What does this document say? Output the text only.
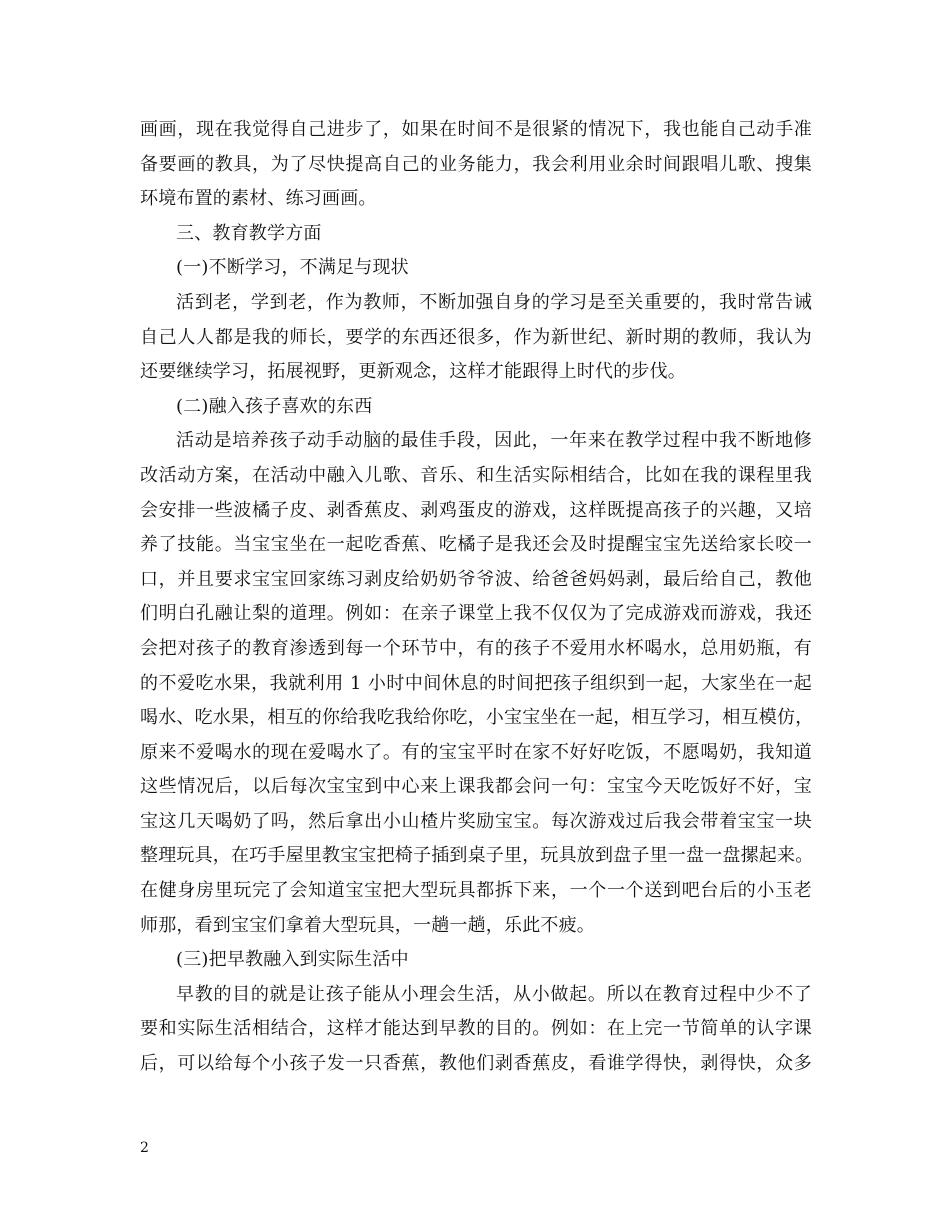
画画，现在我觉得自己进步了，如果在时间不是很紧的情况下，我也能自己动手准
备要画的教具，为了尽快提高自己的业务能力，我会利用业余时间跟唱儿歌、搜集
环境布置的素材、练习画画。
三、教育教学方面
(一)不断学习，不满足与现状
活到老，学到老，作为教师，不断加强自身的学习是至关重要的，我时常告诫
自己人人都是我的师长，要学的东西还很多，作为新世纪、新时期的教师，我认为
还要继续学习，拓展视野，更新观念，这样才能跟得上时代的步伐。
(二)融入孩子喜欢的东西
活动是培养孩子动手动脑的最佳手段，因此，一年来在教学过程中我不断地修
改活动方案，在活动中融入儿歌、音乐、和生活实际相结合，比如在我的课程里我
会安排一些波橘子皮、剥香蕉皮、剥鸡蛋皮的游戏，这样既提高孩子的兴趣，又培
养了技能。当宝宝坐在一起吃香蕉、吃橘子是我还会及时提醒宝宝先送给家长咬一
口，并且要求宝宝回家练习剥皮给奶奶爷爷波、给爸爸妈妈剥，最后给自己，教他
们明白孔融让梨的道理。例如：在亲子课堂上我不仅仅为了完成游戏而游戏，我还
会把对孩子的教育渗透到每一个环节中，有的孩子不爱用水杯喝水，总用奶瓶，有
的不爱吃水果，我就利用 1 小时中间休息的时间把孩子组织到一起，大家坐在一起
喝水、吃水果，相互的你给我吃我给你吃，小宝宝坐在一起，相互学习，相互模仿，
原来不爱喝水的现在爱喝水了。有的宝宝平时在家不好好吃饭，不愿喝奶，我知道
这些情况后，以后每次宝宝到中心来上课我都会问一句：宝宝今天吃饭好不好，宝
宝这几天喝奶了吗，然后拿出小山楂片奖励宝宝。每次游戏过后我会带着宝宝一块
整理玩具，在巧手屋里教宝宝把椅子插到桌子里，玩具放到盘子里一盘一盘摞起来。
在健身房里玩完了会知道宝宝把大型玩具都拆下来，一个一个送到吧台后的小玉老
师那，看到宝宝们拿着大型玩具，一趟一趟，乐此不疲。
(三)把早教融入到实际生活中
早教的目的就是让孩子能从小理会生活，从小做起。所以在教育过程中少不了
要和实际生活相结合，这样才能达到早教的目的。例如：在上完一节简单的认字课
后，可以给每个小孩子发一只香蕉，教他们剥香蕉皮，看谁学得快，剥得快，众多
2
